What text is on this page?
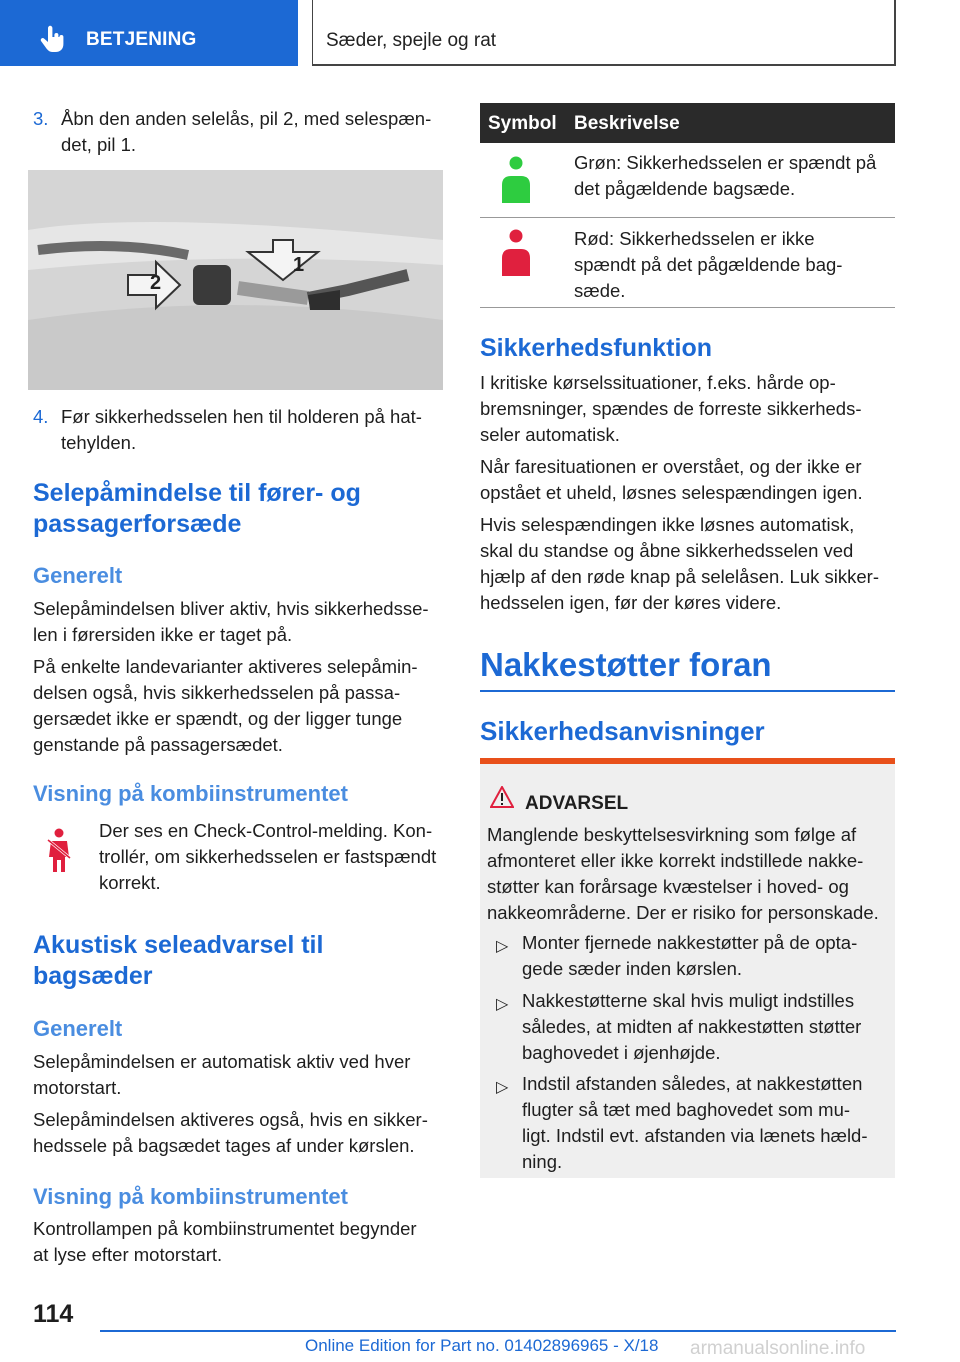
BETJENING	Sæder, spejle og rat
3. Åbn den anden selelås, pil 2, med selespæn-
det, pil 1.
2
1
4. Før sikkerhedsselen hen til holderen på hat-
tehylden.
Selepåmindelse til fører- og
passagerforsæde
Generelt
Selepåmindelsen bliver aktiv, hvis sikkerhedsse-
len i førersiden ikke er taget på.
På enkelte landevarianter aktiveres selepåmin-
delsen også, hvis sikkerhedsselen på passa-
gersædet ikke er spændt, og der ligger tunge
genstande på passagersædet.
Visning på kombiinstrumentet
Der ses en Check-Control-melding. Kon-
trollér, om sikkerhedsselen er fastspændt
korrekt.
Akustisk seleadvarsel til
bagsæder
Generelt
Selepåmindelsen er automatisk aktiv ved hver
motorstart.
Selepåmindelsen aktiveres også, hvis en sikker-
hedssele på bagsædet tages af under kørslen.
Visning på kombiinstrumentet
Kontrollampen på kombiinstrumentet begynder
at lyse efter motorstart.
Symbol Beskrivelse
Grøn: Sikkerhedsselen er spændt på
det pågældende bagsæde.
Rød: Sikkerhedsselen er ikke
spændt på det pågældende bag-
sæde.
Sikkerhedsfunktion
I kritiske kørselssituationer, f.eks. hårde op-
bremsninger, spændes de forreste sikkerheds-
seler automatisk.
Når faresituationen er overstået, og der ikke er
opstået et uheld, løsnes selespændingen igen.
Hvis selespændingen ikke løsnes automatisk,
skal du standse og åbne sikkerhedsselen ved
hjælp af den røde knap på selelåsen. Luk sikker-
hedsselen igen, før der køres videre.
Nakkestøtter foran
Sikkerhedsanvisninger
ADVARSEL
Manglende beskyttelsesvirkning som følge af
afmonteret eller ikke korrekt indstillede nakke-
støtter kan forårsage kvæstelser i hoved- og
nakkeområderne. Der er risiko for personskade.
▷ Monter fjernede nakkestøtter på de opta-
gede sæder inden kørslen.
▷ Nakkestøtterne skal hvis muligt indstilles
således, at midten af nakkestøtten støtter
baghovedet i øjenhøjde.
▷ Indstil afstanden således, at nakkestøtten
flugter så tæt med baghovedet som mu-
ligt. Indstil evt. afstanden via lænets hæld-
ning.
114
Online Edition for Part no. 01402896965 - X/18 armanualsonline.info
